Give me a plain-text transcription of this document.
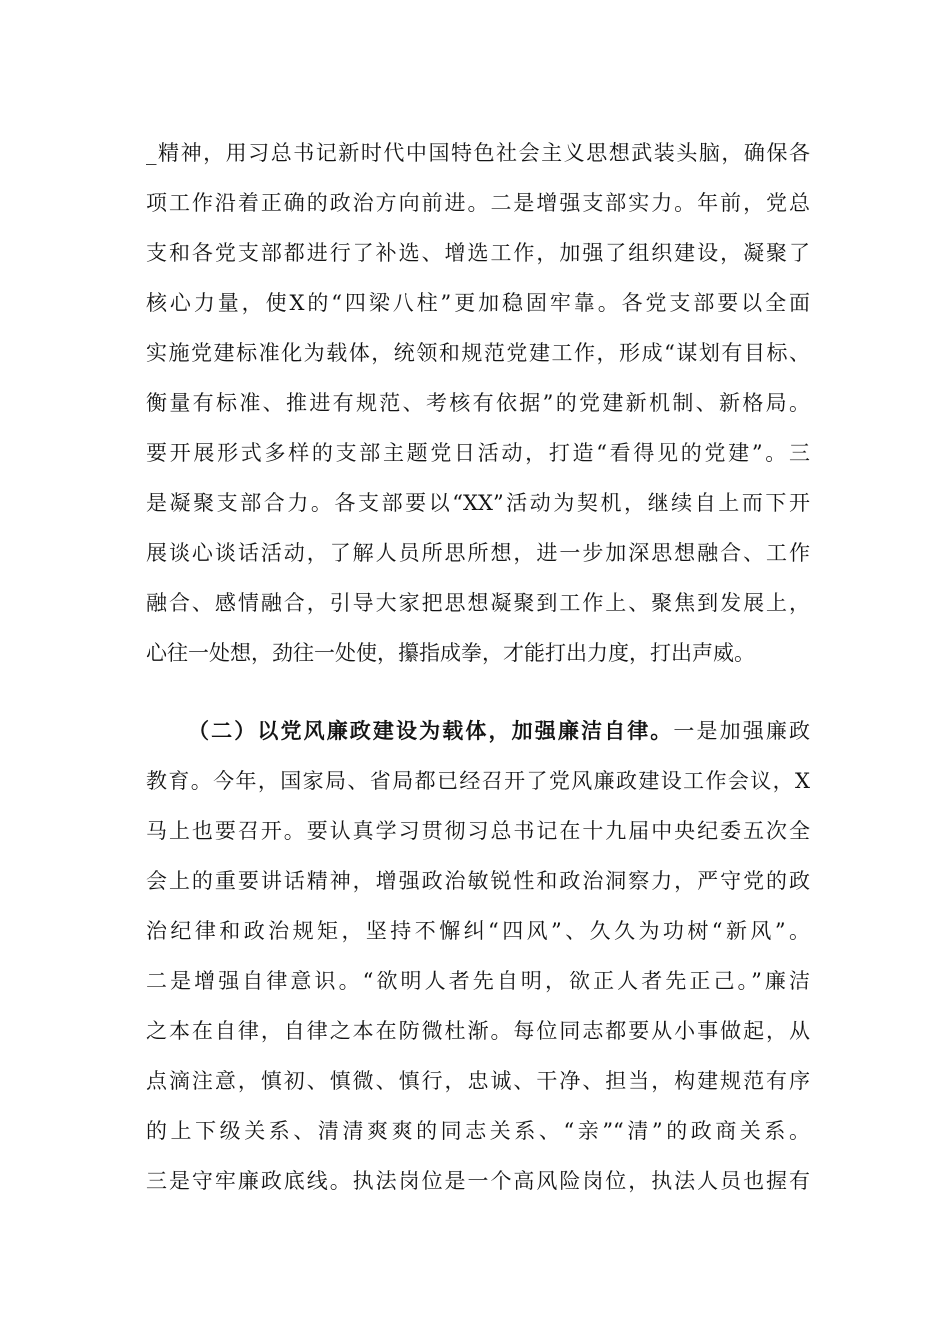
_精神，用习总书记新时代中国特色社会主义思想武装头脑，确保各
项工作沿着正确的政治方向前进。二是增强支部实力。年前，党总
支和各党支部都进行了补选、增选工作，加强了组织建设，凝聚了
核心力量，使X的“四梁八柱”更加稳固牢靠。各党支部要以全面
实施党建标准化为载体，统领和规范党建工作，形成“谋划有目标、
衡量有标准、推进有规范、考核有依据”的党建新机制、新格局。
要开展形式多样的支部主题党日活动，打造“看得见的党建”。三
是凝聚支部合力。各支部要以“XX”活动为契机，继续自上而下开
展谈心谈话活动，了解人员所思所想，进一步加深思想融合、工作
融合、感情融合，引导大家把思想凝聚到工作上、聚焦到发展上，
心往一处想，劲往一处使，攥指成拳，才能打出力度，打出声威。
（二）以党风廉政建设为载体，加强廉洁自律。一是加强廉政
教育。今年，国家局、省局都已经召开了党风廉政建设工作会议，X
马上也要召开。要认真学习贯彻习总书记在十九届中央纪委五次全
会上的重要讲话精神，增强政治敏锐性和政治洞察力，严守党的政
治纪律和政治规矩，坚持不懈纠“四风”、久久为功树“新风”。
二是增强自律意识。“欲明人者先自明，欲正人者先正己。”廉洁
之本在自律，自律之本在防微杜渐。每位同志都要从小事做起，从
点滴注意，慎初、慎微、慎行，忠诚、干净、担当，构建规范有序
的上下级关系、清清爽爽的同志关系、“亲”“清”的政商关系。
三是守牢廉政底线。执法岗位是一个高风险岗位，执法人员也握有
